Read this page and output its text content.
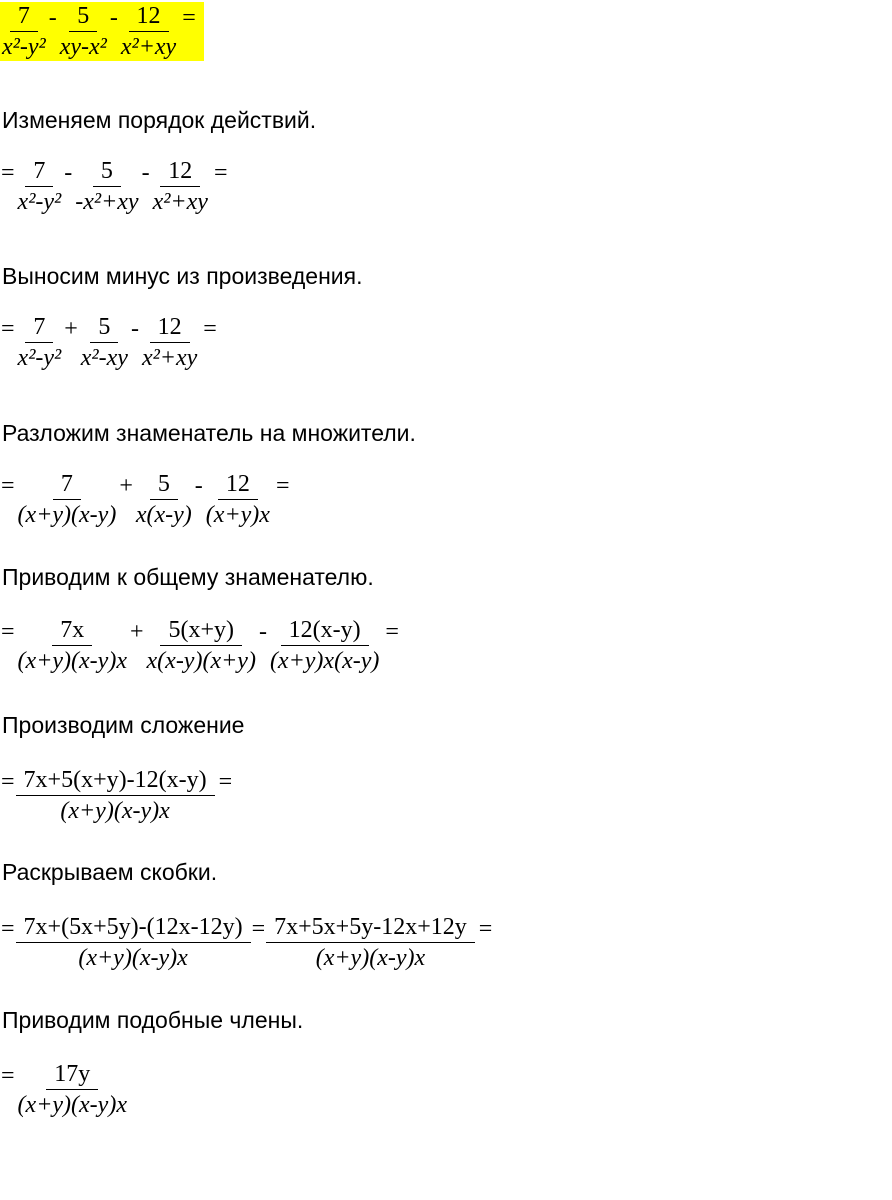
$\frac{7}{\text{x²-y²}} - \frac{5}{\text{xy-x²}} - \frac{12}{\text{x²+xy}}$ =
Изменяем порядок действий.
= $\frac{7}{\text{x²-y²}} - \frac{5}{\text{-x²+xy}} - \frac{12}{\text{x²+xy}}$ =
Выносим минус из произведения.
= $\frac{7}{\text{x²-y²}} + \frac{5}{\text{x²-xy}} - \frac{12}{\text{x²+xy}}$ =
Разложим знаменатель на множители.
= $\frac{7}{(x+y)(x-y)} + \frac{5}{x(x-y)} - \frac{12}{(x+y)x}$ =
Приводим к общему знаменателю.
= $\frac{7x}{(x+y)(x-y)x} + \frac{5(x+y)}{x(x-y)(x+y)} - \frac{12(x-y)}{(x+y)x(x-y)}$ =
Производим сложение
= $\frac{7x+5(x+y)-12(x-y)}{(x+y)(x-y)x}$ =
Раскрываем скобки.
= $\frac{7x+(5x+5y)-(12x-12y)}{(x+y)(x-y)x} = \frac{7x+5x+5y-12x+12y}{(x+y)(x-y)x}$ =
Приводим подобные члены.
= $\frac{17y}{(x+y)(x-y)x}$
